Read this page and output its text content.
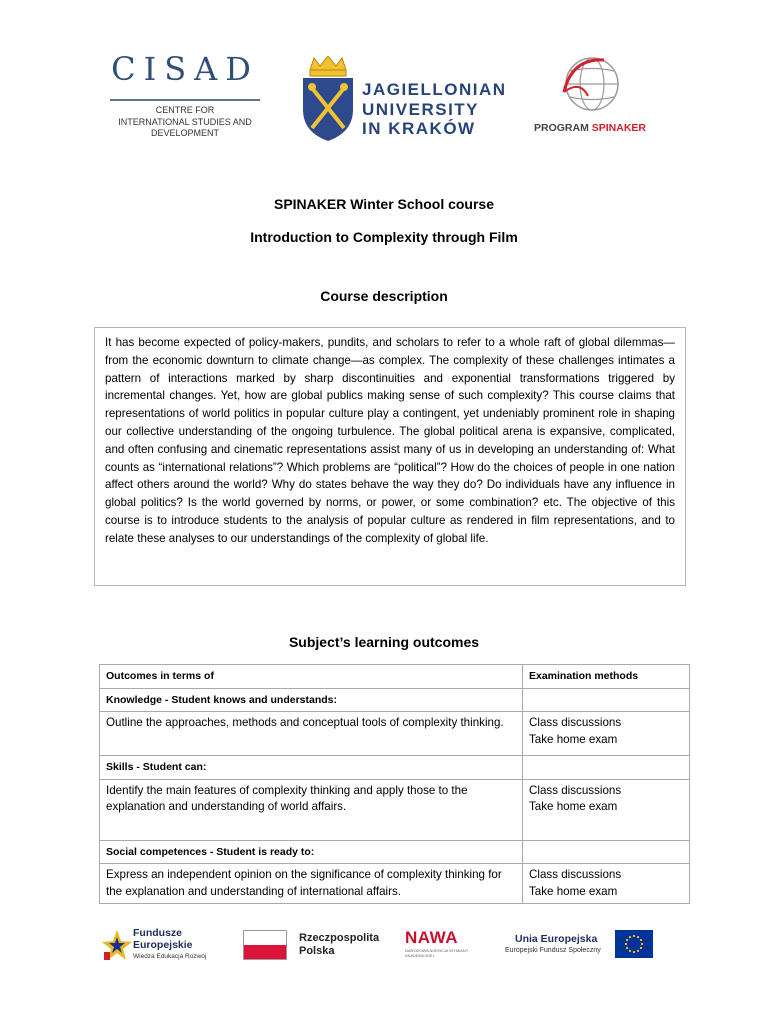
CISAD
CENTRE FOR
INTERNATIONAL STUDIES AND
DEVELOPMENT
JAGIELLONIAN
UNIVERSITY
IN KRAKÓW	PROGRAM SPINAKER
SPINAKER Winter School course
Introduction to Complexity through Film
Course description

It has become expected of policy-makers, pundits, and scholars to refer to a whole raft of global dilemmas—from the economic downturn to climate change—as complex. The complexity of these challenges intimates a pattern of interactions marked by sharp discontinuities and exponential transformations triggered by incremental changes. Yet, how are global publics making sense of such complexity? This course claims that representations of world politics in popular culture play a contingent, yet undeniably prominent role in shaping our collective understanding of the ongoing turbulence. The global political arena is expansive, complicated, and often confusing and cinematic representations assist many of us in developing an understanding of: What counts as “international relations”? Which problems are “political”? How do the choices of people in one nation affect others around the world? Why do states behave the way they do? Do individuals have any influence in global politics? Is the world governed by norms, or power, or some combination? etc. The objective of this course is to introduce students to the analysis of popular culture as rendered in film representations, and to relate these analyses to our understandings of the complexity of global life.

Subject’s learning outcomes
Outcomes in terms of	Examination methods
Knowledge - Student knows and understands:	
Outline the approaches, methods and conceptual tools of complexity thinking.	Class discussions
Take home exam
Skills - Student can:	
Identify the main features of complexity thinking and apply those to the explanation and understanding of world affairs.	Class discussions
Take home exam
Social competences - Student is ready to:	
Express an independent opinion on the significance of complexity thinking for the explanation and understanding of international affairs.	Class discussions
Take home exam
Fundusze
Europejskie
Wiedza Edukacja Rozwój
Rzeczpospolita
Polska
NAWA
NARODOWA AGENCJA WYMIANY AKADEMICKIEJ
Unia Europejska
Europejski Fundusz Społeczny
